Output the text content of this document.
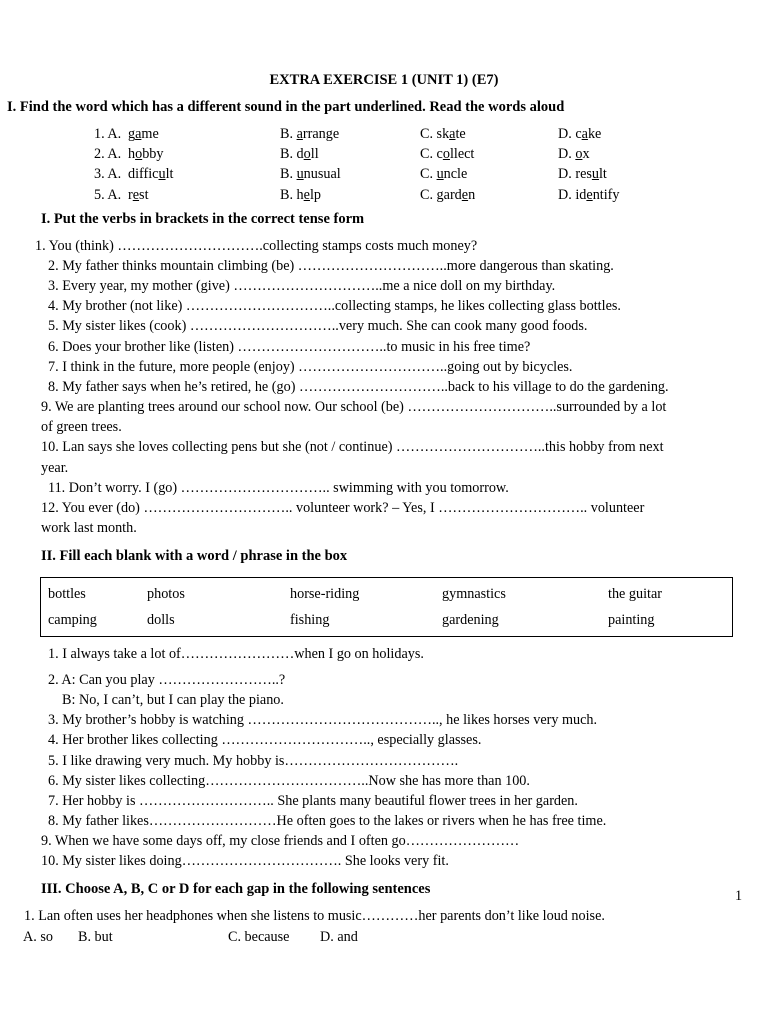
EXTRA EXERCISE 1 (UNIT 1) (E7)
I. Find the word which has a different sound in the part underlined. Read the words aloud
1. A. game	B. arrange	C. skate	D. cake
2. A. hobby	B. doll	C. collect	D. ox
3. A. difficult	B. unusual	C. uncle	D. result
5. A. rest	B. help	C. garden	D. identify
I. Put the verbs in brackets in the correct tense form
1. You (think) ………………………….collecting stamps costs much money?
2. My father thinks mountain climbing (be) …………………………..more dangerous than skating.
3. Every year, my mother (give) …………………………..me a nice doll on my birthday.
4. My brother (not like) …………………………..collecting stamps, he likes collecting glass bottles.
5. My sister likes (cook) …………………………..very much. She can cook many good foods.
6. Does your brother like (listen) …………………………..to music in his free time?
7. I think in the future, more people (enjoy) …………………………..going out by bicycles.
8. My father says when he’s retired, he (go) …………………………..back to his village to do the gardening.
9. We are planting trees around our school now. Our school (be) …………………………..surrounded by a lot
of green trees.
10. Lan says she loves collecting pens but she (not / continue) …………………………..this hobby from next
year.
11. Don’t worry. I (go) ………………………….. swimming with you tomorrow.
12. You ever (do) ………………………….. volunteer work? – Yes, I ………………………….. volunteer
work last month.
II. Fill each blank with a word / phrase in the box
bottles	photos	horse-riding	gymnastics	the guitar
camping	dolls	fishing	gardening	painting
1. I always take a lot of……………………when I go on holidays.
2. A: Can you play ……………………..?
B: No, I can’t, but I can play the piano.
3. My brother’s hobby is watching ………………………………….., he likes horses very much.
4. Her brother likes collecting ………………………….., especially glasses.
5. I like drawing very much. My hobby is……………………………….
6. My sister likes collecting……………………………..Now she has more than 100.
7. Her hobby is ……………………….. She plants many beautiful flower trees in her garden.
8. My father likes………………………He often goes to the lakes or rivers when he has free time.
9. When we have some days off, my close friends and I often go……………………
10. My sister likes doing……………………………. She looks very fit.
III. Choose A, B, C or D for each gap in the following sentences
1. Lan often uses her headphones when she listens to music…………her parents don’t like loud noise.
A. so B. but	C. because D. and
1
